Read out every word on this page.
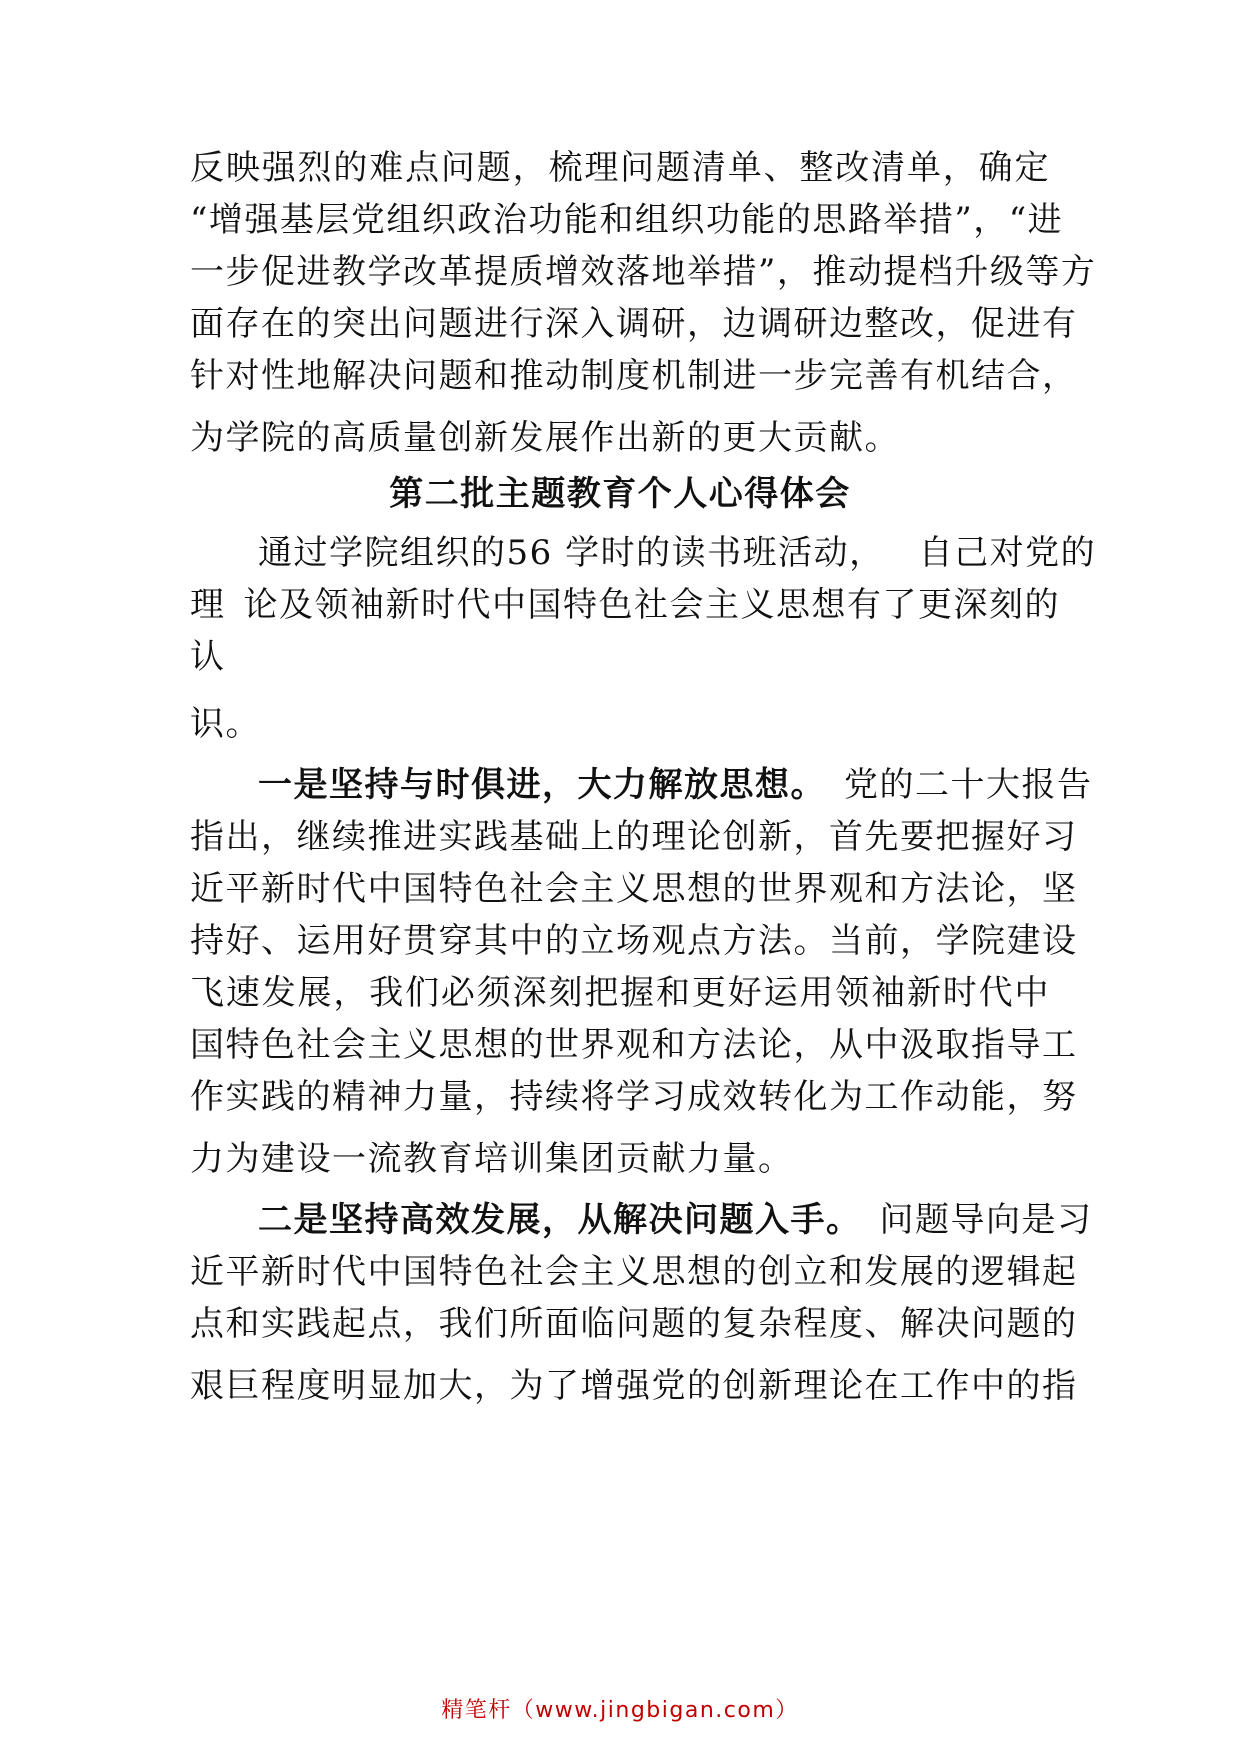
反映强烈的难点问题，梳理问题清单、整改清单，确定
“增强基层党组织政治功能和组织功能的思路举措”，“进
一步促进教学改革提质增效落地举措”，推动提档升级等方
面存在的突出问题进行深入调研，边调研边整改，促进有
针对性地解决问题和推动制度机制进一步完善有机结合，
为学院的高质量创新发展作出新的更大贡献。
第二批主题教育个人心得体会
通过学院组织的56 学时的读书班活动， 自己对党的
理 论及领袖新时代中国特色社会主义思想有了更深刻的
认
识。
一是坚持与时俱进，大力解放思想。 党的二十大报告
指出，继续推进实践基础上的理论创新，首先要把握好习
近平新时代中国特色社会主义思想的世界观和方法论，坚
持好、运用好贯穿其中的立场观点方法。当前，学院建设
飞速发展，我们必须深刻把握和更好运用领袖新时代中
国特色社会主义思想的世界观和方法论，从中汲取指导工
作实践的精神力量，持续将学习成效转化为工作动能，努
力为建设一流教育培训集团贡献力量。
二是坚持高效发展，从解决问题入手。 问题导向是习
近平新时代中国特色社会主义思想的创立和发展的逻辑起
点和实践起点，我们所面临问题的复杂程度、解决问题的
艰巨程度明显加大，为了增强党的创新理论在工作中的指
精笔杆（www.jingbigan.com）
